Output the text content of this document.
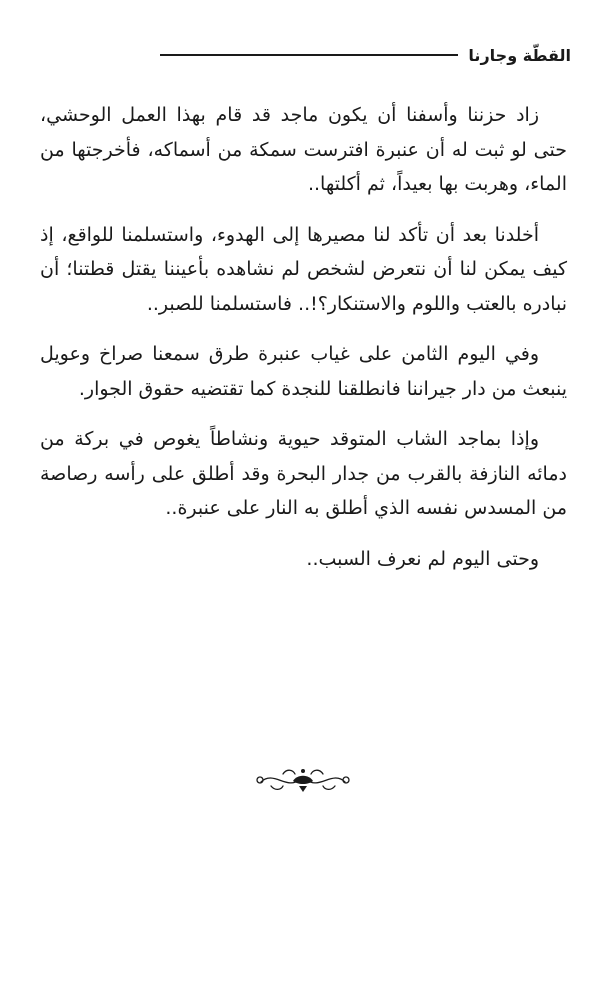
القطّة وجارنا

زاد حزننا وأسفنا أن يكون ماجد قد قام بهذا العمل الوحشي، حتى لو ثبت له أن عنبرة افترست سمكة من أسماكه، فأخرجتها من الماء، وهربت بها بعيداً، ثم أكلتها..

أخلدنا بعد أن تأكد لنا مصيرها إلى الهدوء، واستسلمنا للواقع، إذ كيف يمكن لنا أن نتعرض لشخص لم نشاهده بأعيننا يقتل قطتنا؛ أن نبادره بالعتب واللوم والاستنكار؟!.. فاستسلمنا للصبر..

وفي اليوم الثامن على غياب عنبرة طرق سمعنا صراخ وعويل ينبعث من دار جيراننا فانطلقنا للنجدة كما تقتضيه حقوق الجوار.

وإذا بماجد الشاب المتوقد حيوية ونشاطاً يغوص في بركة من دمائه النازفة بالقرب من جدار البحرة وقد أطلق على رأسه رصاصة من المسدس نفسه الذي أطلق به النار على عنبرة..

وحتى اليوم لم نعرف السبب..
